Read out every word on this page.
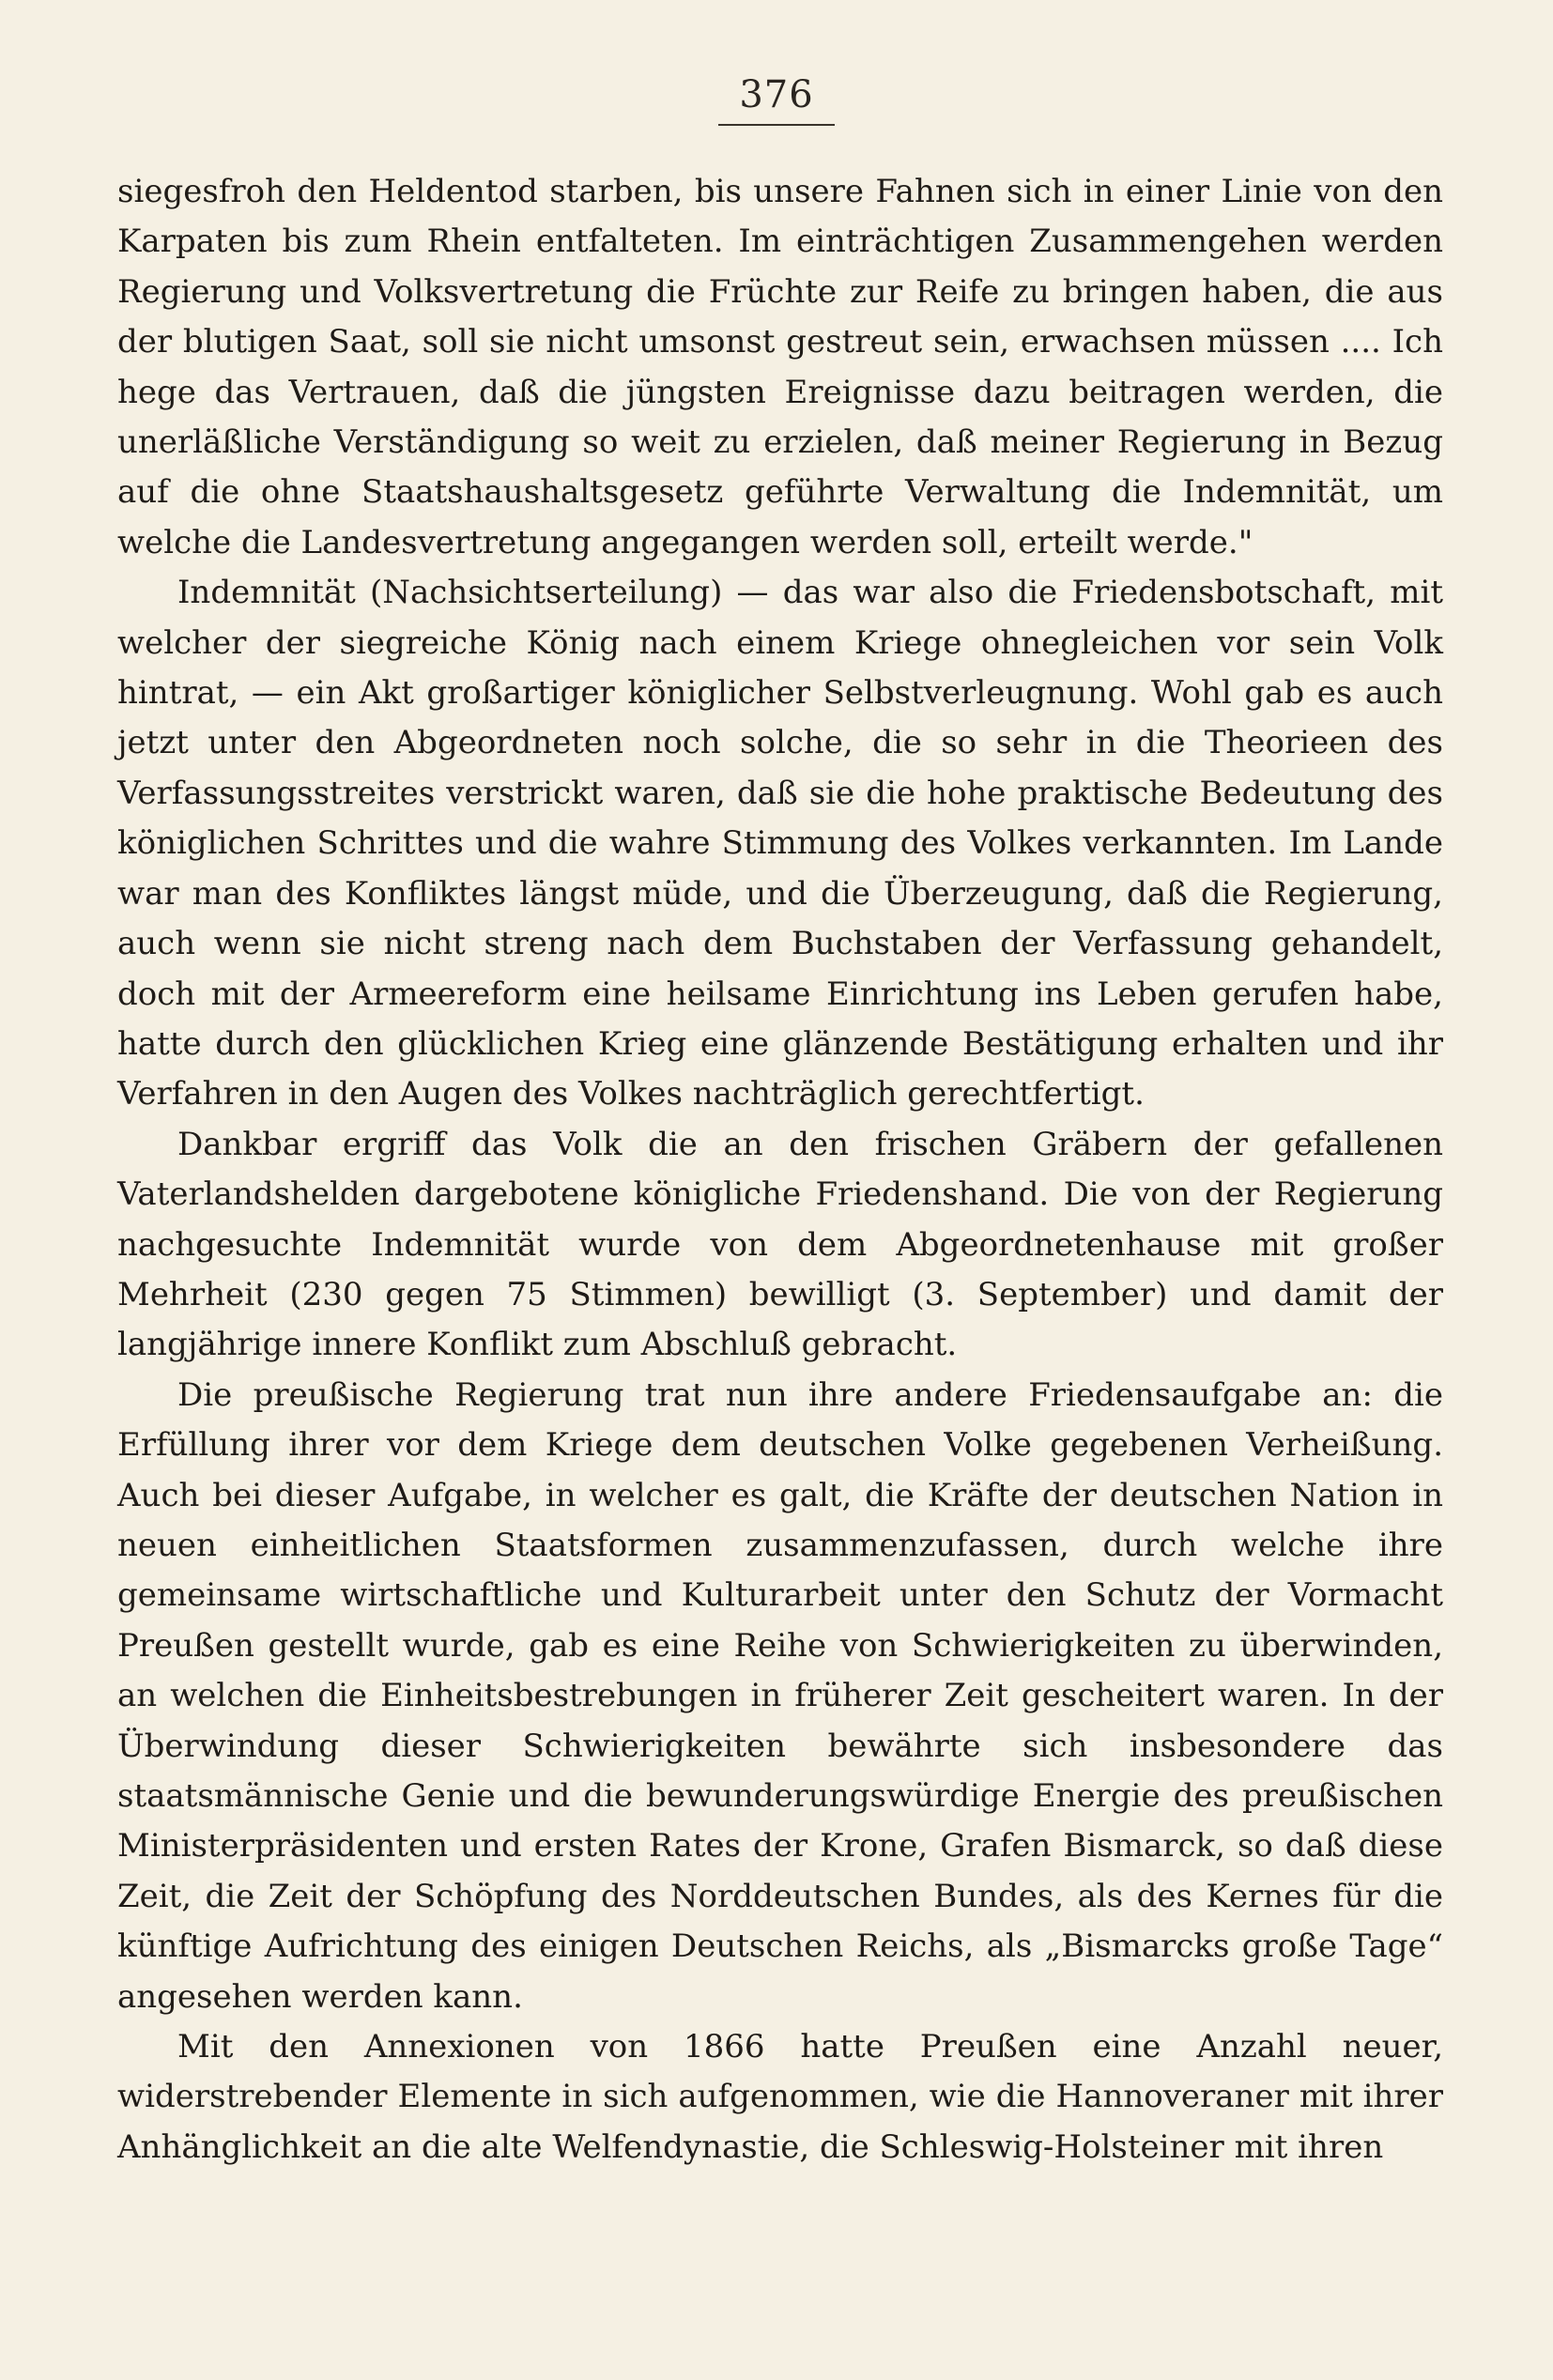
376

siegesfroh den Heldentod starben, bis unsere Fahnen sich in einer Linie von den Karpaten bis zum Rhein entfalteten. Im einträchtigen Zusammengehen werden Regierung und Volksvertretung die Früchte zur Reife zu bringen haben, die aus der blutigen Saat, soll sie nicht umsonst gestreut sein, erwachsen müssen .... Ich hege das Vertrauen, daß die jüngsten Ereignisse dazu beitragen werden, die unerläßliche Verständigung so weit zu erzielen, daß meiner Regierung in Bezug auf die ohne Staatshaushaltsgesetz geführte Verwaltung die Indemnität, um welche die Landesvertretung angegangen werden soll, erteilt werde."

Indemnität (Nachsichtserteilung) — das war also die Friedensbotschaft, mit welcher der siegreiche König nach einem Kriege ohnegleichen vor sein Volk hintrat, — ein Akt großartiger königlicher Selbstverleugnung. Wohl gab es auch jetzt unter den Abgeordneten noch solche, die so sehr in die Theorieen des Verfassungsstreites verstrickt waren, daß sie die hohe praktische Bedeutung des königlichen Schrittes und die wahre Stimmung des Volkes verkannten. Im Lande war man des Konfliktes längst müde, und die Überzeugung, daß die Regierung, auch wenn sie nicht streng nach dem Buchstaben der Verfassung gehandelt, doch mit der Armeereform eine heilsame Einrichtung ins Leben gerufen habe, hatte durch den glücklichen Krieg eine glänzende Bestätigung erhalten und ihr Verfahren in den Augen des Volkes nachträglich gerechtfertigt.

Dankbar ergriff das Volk die an den frischen Gräbern der gefallenen Vaterlandshelden dargebotene königliche Friedenshand. Die von der Regierung nachgesuchte Indemnität wurde von dem Abgeordnetenhause mit großer Mehrheit (230 gegen 75 Stimmen) bewilligt (3. September) und damit der langjährige innere Konflikt zum Abschluß gebracht.

Die preußische Regierung trat nun ihre andere Friedensaufgabe an: die Erfüllung ihrer vor dem Kriege dem deutschen Volke gegebenen Verheißung. Auch bei dieser Aufgabe, in welcher es galt, die Kräfte der deutschen Nation in neuen einheitlichen Staatsformen zusammenzufassen, durch welche ihre gemeinsame wirtschaftliche und Kulturarbeit unter den Schutz der Vormacht Preußen gestellt wurde, gab es eine Reihe von Schwierigkeiten zu überwinden, an welchen die Einheitsbestrebungen in früherer Zeit gescheitert waren. In der Überwindung dieser Schwierigkeiten bewährte sich insbesondere das staatsmännische Genie und die bewunderungswürdige Energie des preußischen Ministerpräsidenten und ersten Rates der Krone, Grafen Bismarck, so daß diese Zeit, die Zeit der Schöpfung des Norddeutschen Bundes, als des Kernes für die künftige Aufrichtung des einigen Deutschen Reichs, als „Bismarcks große Tage“ angesehen werden kann.

Mit den Annexionen von 1866 hatte Preußen eine Anzahl neuer, widerstrebender Elemente in sich aufgenommen, wie die Hannoveraner mit ihrer Anhänglichkeit an die alte Welfendynastie, die Schleswig-Holsteiner mit ihren
